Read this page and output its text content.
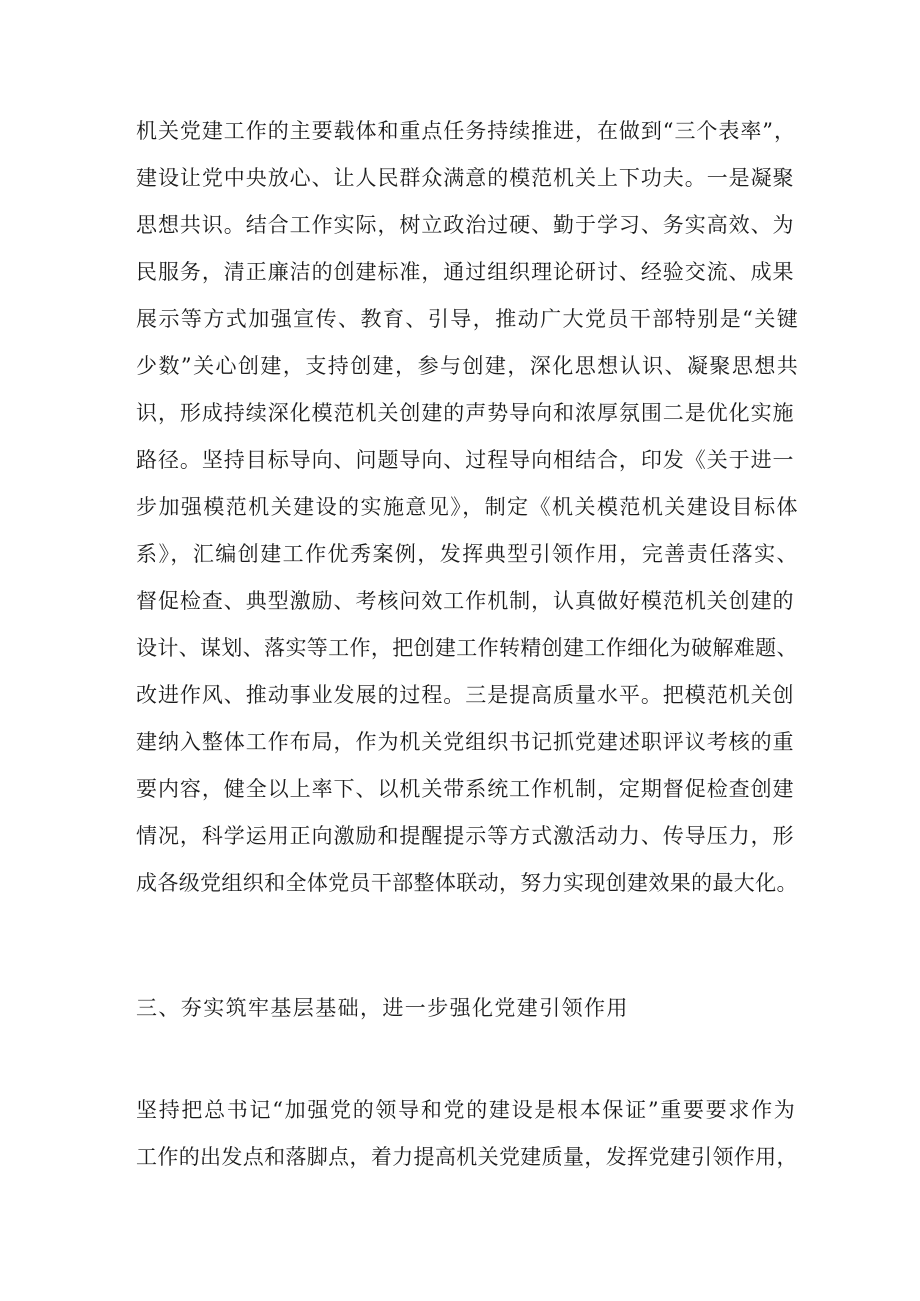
机关党建工作的主要载体和重点任务持续推进，在做到“三个表率”，

建设让党中央放心、让人民群众满意的模范机关上下功夫。一是凝聚

思想共识。结合工作实际，树立政治过硬、勤于学习、务实高效、为

民服务，清正廉洁的创建标准，通过组织理论研讨、经验交流、成果

展示等方式加强宣传、教育、引导，推动广大党员干部特别是“关键

少数”关心创建，支持创建，参与创建，深化思想认识、凝聚思想共

识，形成持续深化模范机关创建的声势导向和浓厚氛围二是优化实施

路径。坚持目标导向、问题导向、过程导向相结合，印发《关于进一

步加强模范机关建设的实施意见》，制定《机关模范机关建设目标体

系》，汇编创建工作优秀案例，发挥典型引领作用，完善责任落实、

督促检查、典型激励、考核问效工作机制，认真做好模范机关创建的

设计、谋划、落实等工作，把创建工作转精创建工作细化为破解难题、

改进作风、推动事业发展的过程。三是提高质量水平。把模范机关创

建纳入整体工作布局，作为机关党组织书记抓党建述职评议考核的重

要内容，健全以上率下、以机关带系统工作机制，定期督促检查创建

情况，科学运用正向激励和提醒提示等方式激活动力、传导压力，形

成各级党组织和全体党员干部整体联动，努力实现创建效果的最大化。

三、夯实筑牢基层基础，进一步强化党建引领作用

坚持把总书记“加强党的领导和党的建设是根本保证”重要要求作为

工作的出发点和落脚点，着力提高机关党建质量，发挥党建引领作用，
